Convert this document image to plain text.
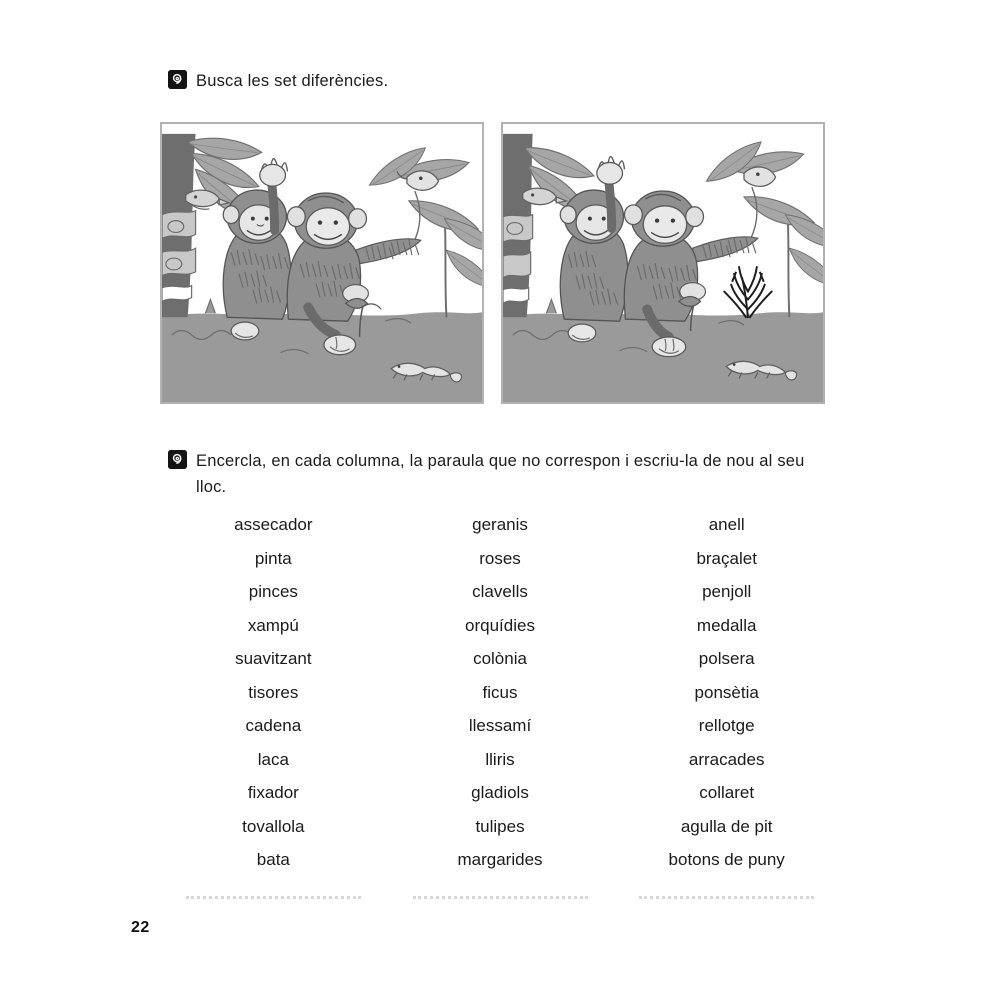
Busca les set diferències.
Encercla, en cada columna, la paraula que no correspon i escriu-la de nou al seu lloc.
assecador
pinta
pinces
xampú
suavitzant
tisores
cadena
laca
fixador
tovallola
bata
geranis
roses
clavells
orquídies
colònia
ficus
llessamí
lliris
gladiols
tulipes
margarides
anell
braçalet
penjoll
medalla
polsera
ponsètia
rellotge
arracades
collaret
agulla de pit
botons de puny
22
